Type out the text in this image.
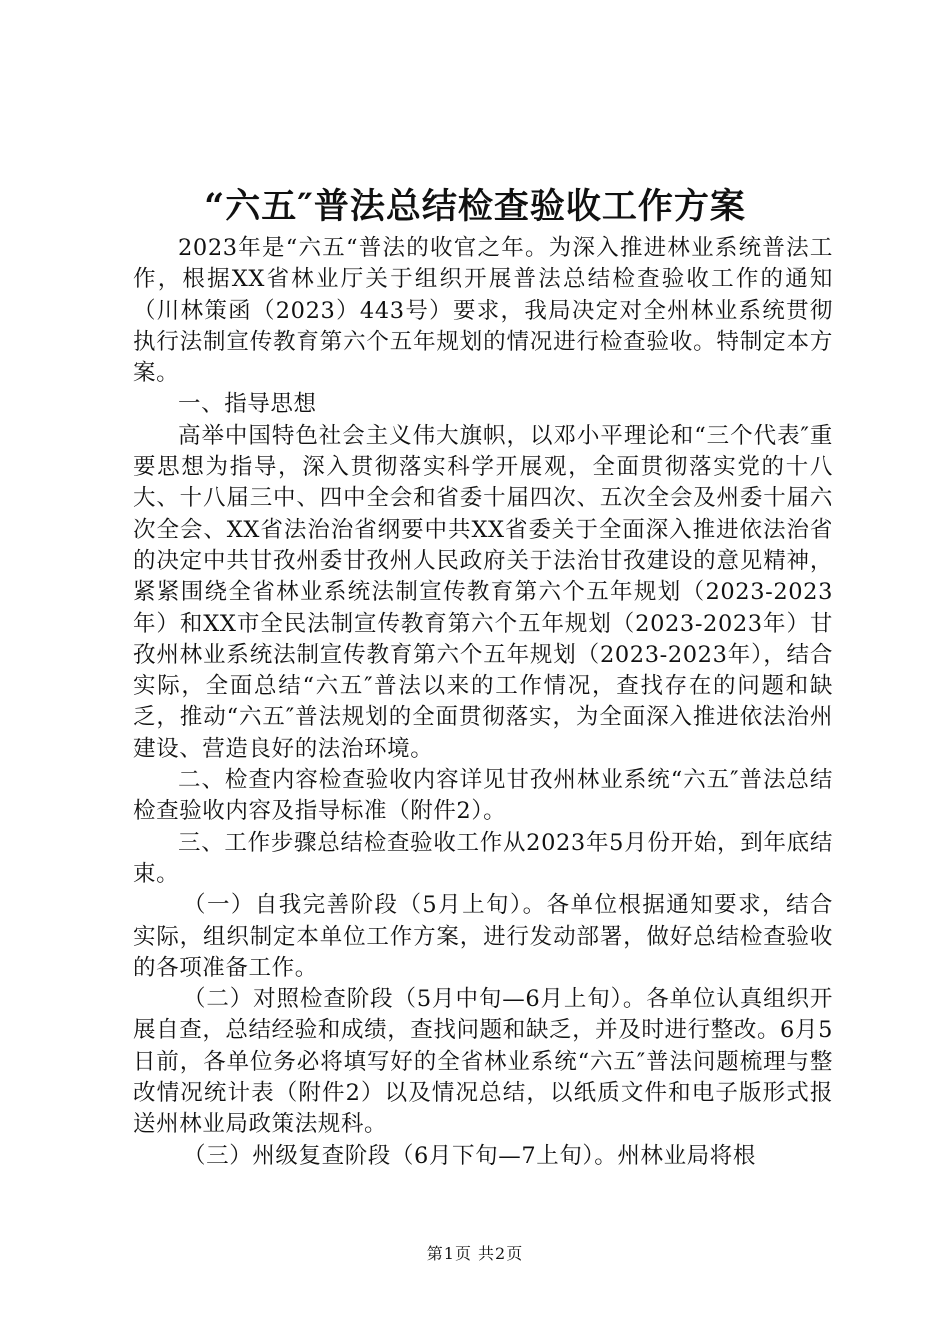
“六五″普法总结检查验收工作方案

2023年是“六五“普法的收官之年。为深入推进林业系统普法工作，根据XX省林业厅关于组织开展普法总结检查验收工作的通知（川林策函（2023）443号）要求，我局决定对全州林业系统贯彻执行法制宣传教育第六个五年规划的情况进行检查验收。特制定本方案。

一、指导思想

高举中国特色社会主义伟大旗帜，以邓小平理论和“三个代表″重要思想为指导，深入贯彻落实科学开展观，全面贯彻落实党的十八大、十八届三中、四中全会和省委十届四次、五次全会及州委十届六次全会、XX省法治治省纲要中共XX省委关于全面深入推进依法治省的决定中共甘孜州委甘孜州人民政府关于法治甘孜建设的意见精神，紧紧围绕全省林业系统法制宣传教育第六个五年规划（2023-2023年）和XX市全民法制宣传教育第六个五年规划（2023-2023年）甘孜州林业系统法制宣传教育第六个五年规划（2023-2023年），结合实际，全面总结“六五″普法以来的工作情况，查找存在的问题和缺乏，推动“六五″普法规划的全面贯彻落实，为全面深入推进依法治州建设、营造良好的法治环境。

二、检查内容检查验收内容详见甘孜州林业系统“六五″普法总结检查验收内容及指导标准（附件2）。

三、工作步骤总结检查验收工作从2023年5月份开始，到年底结束。

（一）自我完善阶段（5月上旬）。各单位根据通知要求，结合实际，组织制定本单位工作方案，进行发动部署，做好总结检查验收的各项准备工作。

（二）对照检查阶段（5月中旬—6月上旬）。各单位认真组织开展自查，总结经验和成绩，查找问题和缺乏，并及时进行整改。6月5日前，各单位务必将填写好的全省林业系统“六五″普法问题梳理与整改情况统计表（附件2）以及情况总结，以纸质文件和电子版形式报送州林业局政策法规科。

（三）州级复查阶段（6月下旬—7上旬）。州林业局将根

第1页 共2页
